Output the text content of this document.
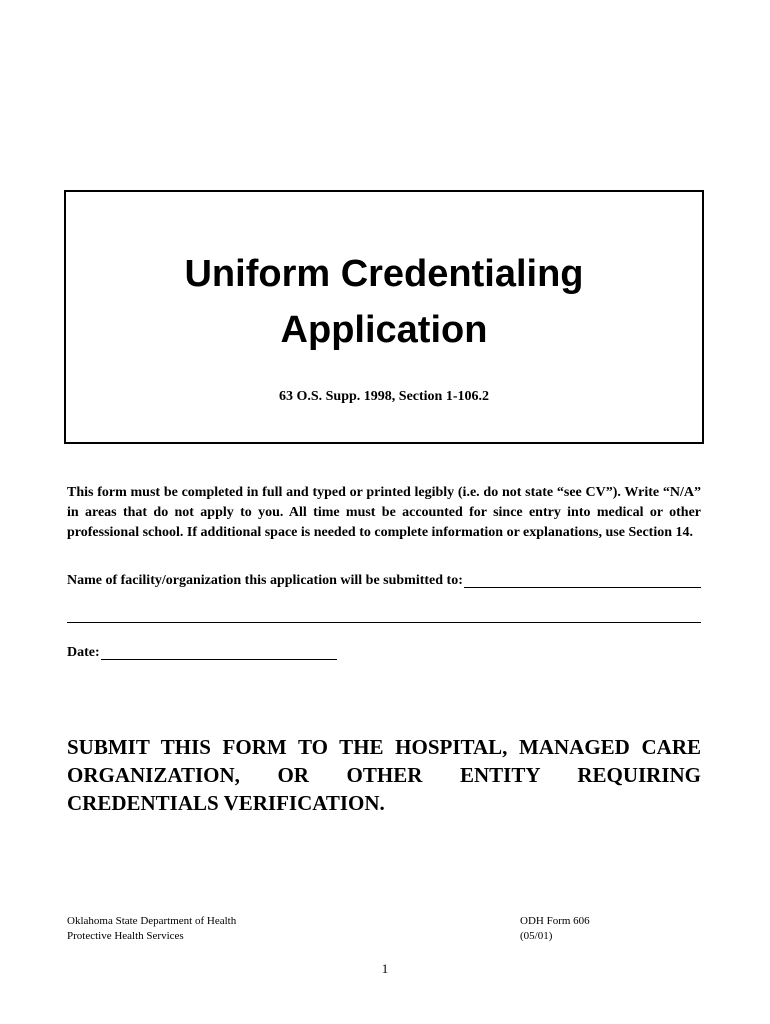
Uniform Credentialing
Application
63 O.S. Supp. 1998, Section 1-106.2

This form must be completed in full and typed or printed legibly (i.e. do not state “see CV”). Write “N/A” in areas that do not apply to you. All time must be accounted for since entry into medical or other professional school. If additional space is needed to complete information or explanations, use Section 14.

Name of facility/organization this application will be submitted to:
Date:

SUBMIT THIS FORM TO THE HOSPITAL, MANAGED CARE ORGANIZATION, OR OTHER ENTITY REQUIRING CREDENTIALS VERIFICATION.

Oklahoma State Department of Health
Protective Health Services
ODH Form 606
(05/01)
1
